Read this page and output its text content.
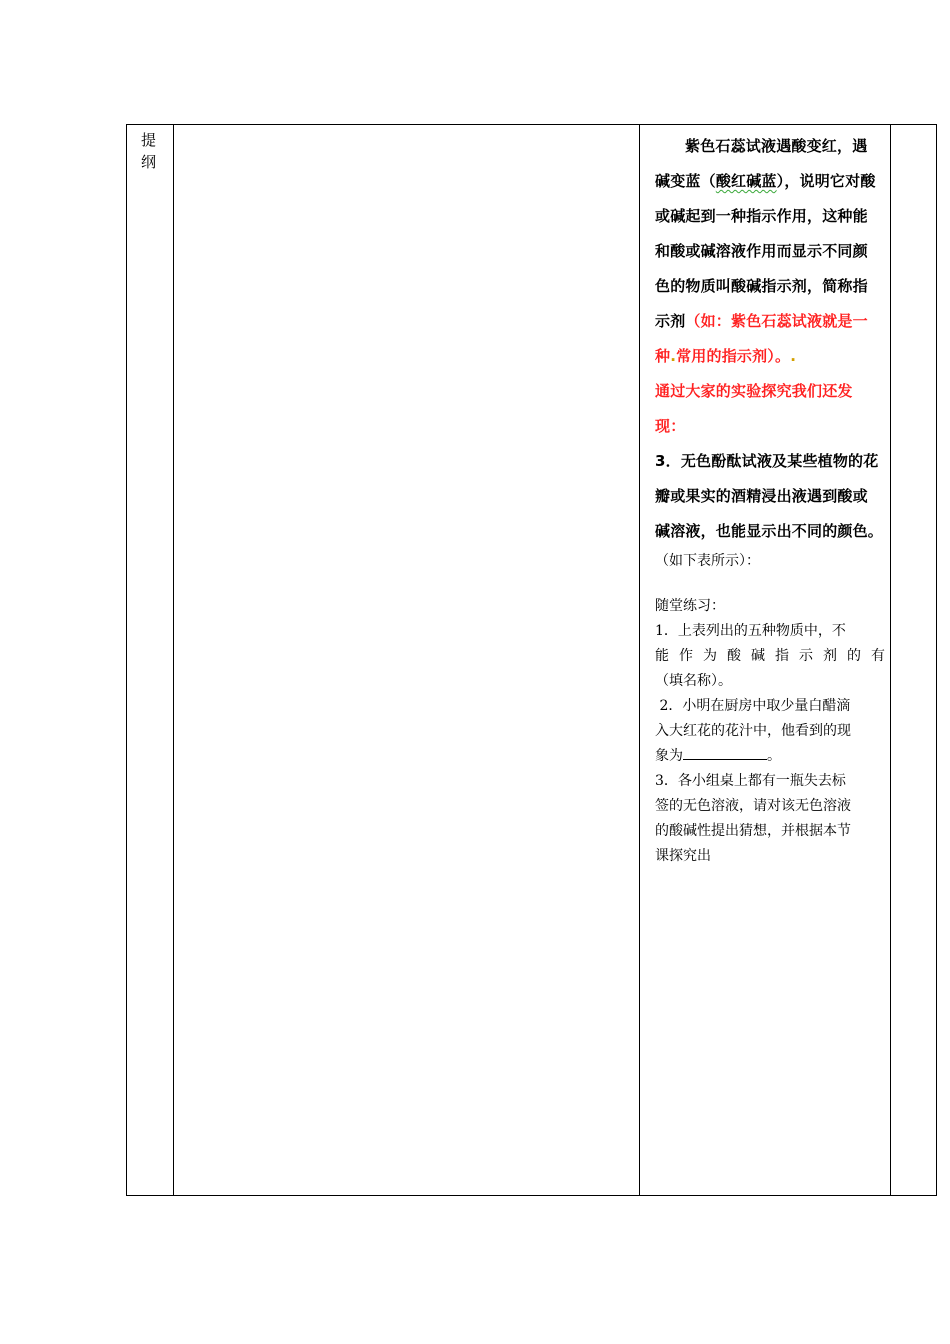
提
纲

紫色石蕊试液遇酸变红，遇
碱变蓝（酸红碱蓝），说明它对酸
或碱起到一种指示作用，这种能
和酸或碱溶液作用而显示不同颜
色的物质叫酸碱指示剂，简称指
示剂（如：紫色石蕊试液就是一
种.常用的指示剂）。.

通过大家的实验探究我们还发
现：

3．无色酚酞试液及某些植物的花
瓣或果实的酒精浸出液遇到酸或
碱溶液，也能显示出不同的颜色。

（如下表所示）：

随堂练习：

1．上表列出的五种物质中，不

能作为酸碱指示剂的有

（填名称）。

2．小明在厨房中取少量白醋滴

入大红花的花汁中，他看到的现

象为	。

3．各小组桌上都有一瓶失去标

签的无色溶液，请对该无色溶液

的酸碱性提出猜想，并根据本节

课探究出
